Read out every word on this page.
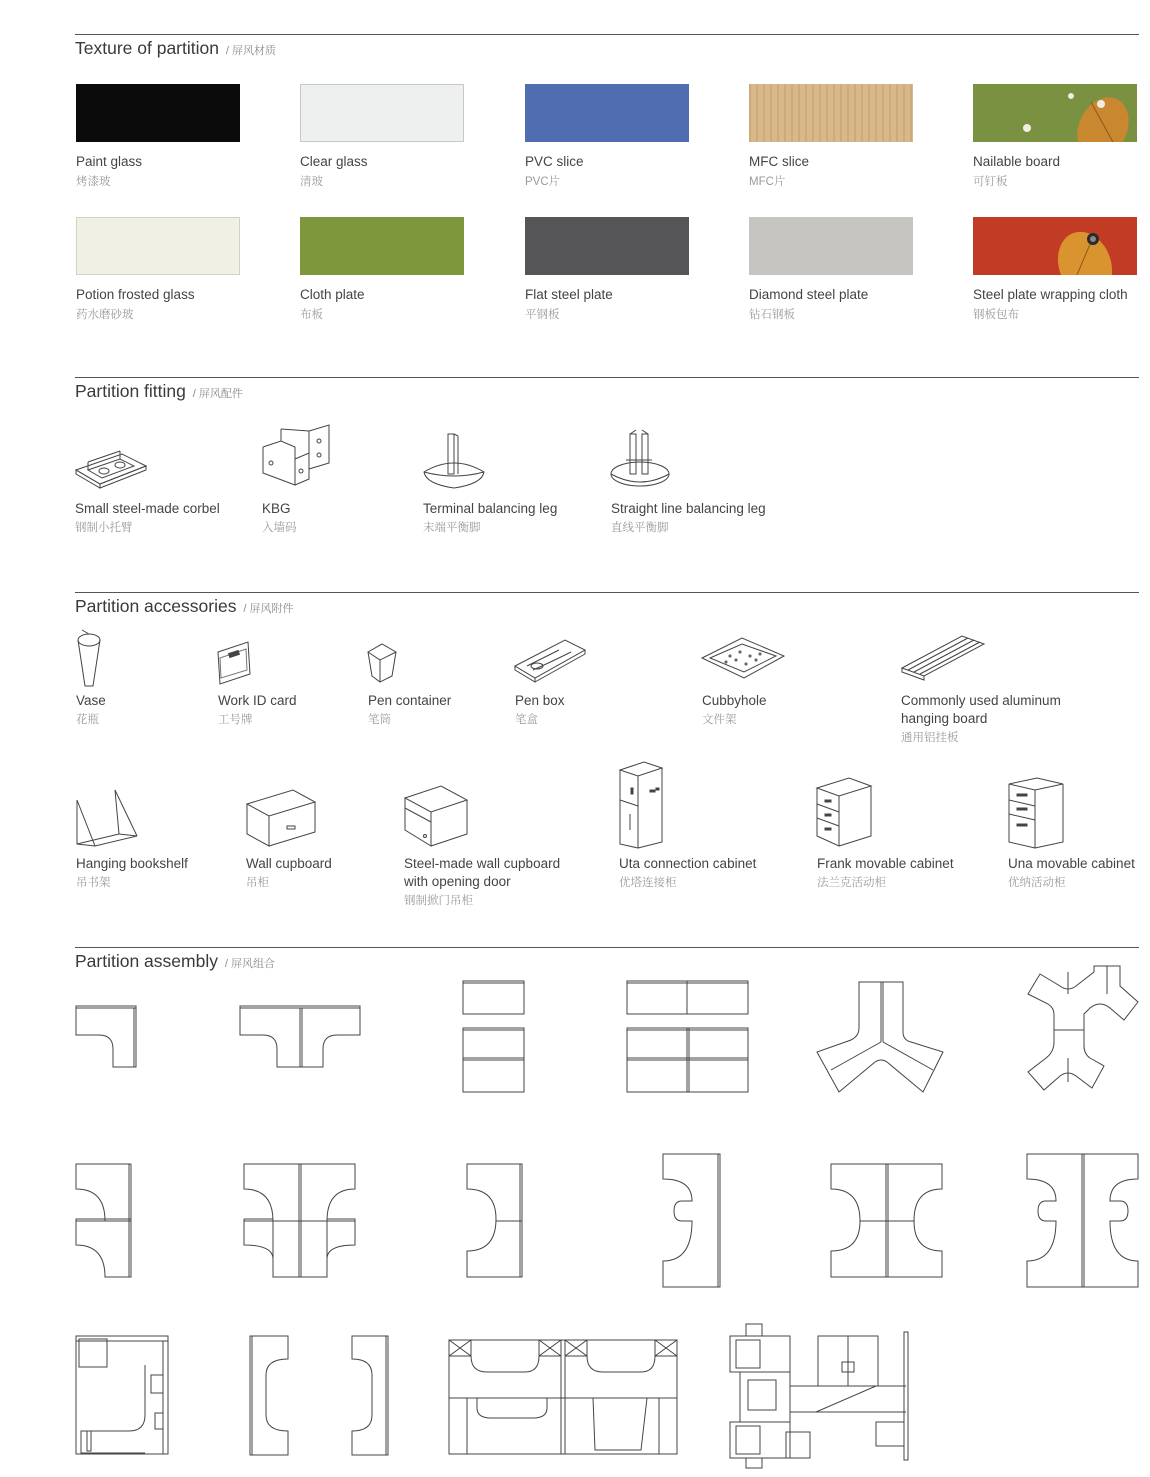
Texture of partition / 屏风材质
Paint glass
烤漆玻
Clear glass
清玻
PVC slice
PVC片
MFC slice
MFC片
Nailable board
可钉板
Potion frosted glass
药水磨砂玻
Cloth plate
布板
Flat steel plate
平钢板
Diamond steel plate
钻石钢板
Steel plate wrapping cloth
钢板包布
Partition fitting / 屏风配件
Small steel-made corbel
钢制小托臂
KBG
入墙码
Terminal balancing leg
末端平衡脚
Straight line balancing leg
直线平衡脚
Partition accessories / 屏风附件
Vase
花瓶
Work ID card
工号牌
Pen container
笔筒
Pen box
笔盒
Cubbyhole
文件架
Commonly used aluminum
hanging board
通用铝挂板
Hanging bookshelf
吊书架
Wall cupboard
吊柜
Steel-made wall cupboard
with opening door
钢制掀门吊柜
Uta connection cabinet
优塔连接柜
Frank movable cabinet
法兰克活动柜
Una movable cabinet
优纳活动柜
Partition assembly / 屏风组合
